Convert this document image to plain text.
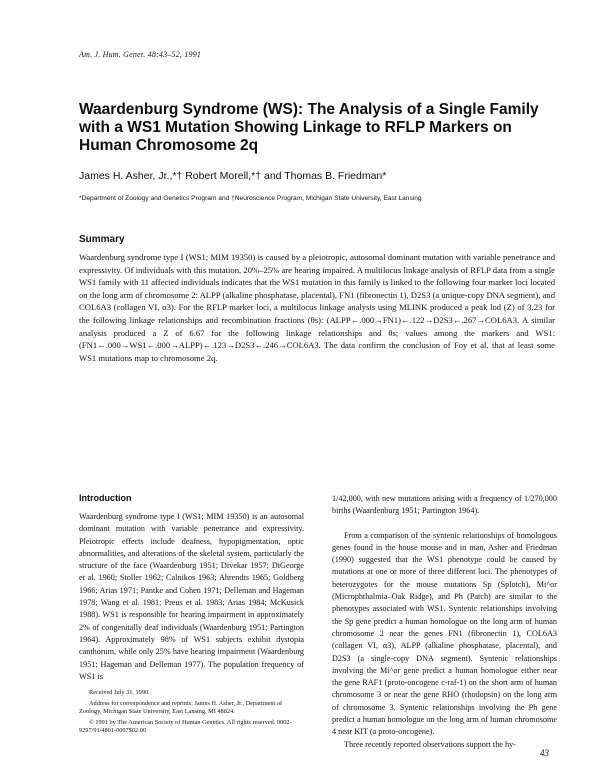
Am. J. Hum. Genet. 48:43–52, 1991
Waardenburg Syndrome (WS): The Analysis of a Single Family with a WS1 Mutation Showing Linkage to RFLP Markers on Human Chromosome 2q
James H. Asher, Jr.,*† Robert Morell,*† and Thomas B. Friedman*
*Department of Zoology and Genetics Program and †Neuroscience Program, Michigan State University, East Lansing
Summary

Waardenburg syndrome type I (WS1; MIM 19350) is caused by a pleiotropic, autosomal dominant mutation with variable penetrance and expressivity. Of individuals with this mutation, 20%–25% are hearing impaired. A multilocus linkage analysis of RFLP data from a single WS1 family with 11 affected individuals indicates that the WS1 mutation in this family is linked to the following four marker loci located on the long arm of chromosome 2: ALPP (alkaline phosphatase, placental), FN1 (fibronectin 1), D2S3 (a unique-copy DNA segment), and COL6A3 (collagen VI, α3). For the RFLP marker loci, a multilocus linkage analysis using MLINK produced a peak lod (Z) of 3.23 for the following linkage relationships and recombination fractions (θs): (ALPP←.000→FN1)←.122→D2S3←.267→COL6A3. A similar analysis produced a Z of 6.67 for the following linkage relationships and θs; values among the markers and WS1: (FN1←.000→WS1←.000→ALPP)←.123→D2S3←.246→COL6A3. The data confirm the conclusion of Foy et al. that at least some WS1 mutations map to chromosome 2q.

Introduction

Waardenburg syndrome type I (WS1; MIM 19350) is an autosomal dominant mutation with variable penetrance and expressivity. Pleiotropic effects include deafness, hypopigmentation, optic abnormalities, and alterations of the skeletal system, particularly the structure of the face (Waardenburg 1951; Divekar 1957; DiGeorge et al. 1960; Stoller 1962; Calnikos 1963; Ahrendts 1965; Goldberg 1966; Arias 1971; Pantke and Cohen 1971; Delleman and Hageman 1978; Wang et al. 1981; Preus et al. 1983; Arias 1984; McKusick 1988). WS1 is responsible for hearing impairment in approximately 2% of congenitally deaf individuals (Waardenburg 1951; Partington 1964). Approximately 98% of WS1 subjects exhibit dystopia canthorum, while only 25% have hearing impairment (Waardenburg 1951; Hageman and Delleman 1977). The population frequency of WS1 is

1/42,000, with new mutations arising with a frequency of 1/270,000 births (Waardenburg 1951; Partington 1964).

From a comparison of the syntenic relationships of homologous genes found in the house mouse and in man, Asher and Friedman (1990) suggested that the WS1 phenotype could be caused by mutations at one or more of three different loci. The phenotypes of heterozygotes for the mouse mutations Sp (Splotch), Mi^or (Microphthalmia–Oak Ridge), and Ph (Patch) are similar to the phenotypes associated with WS1. Syntenic relationships involving the Sp gene predict a human homologue on the long arm of human chromosome 2 near the genes FN1 (fibronectin 1), COL6A3 (collagen VI, α3), ALPP (alkaline phosphatase, placental), and D2S3 (a single-copy DNA segment). Syntenic relationships involving the Mi^or gene predict a human homologue either near the gene RAF1 (proto-oncogene c-raf-1) on the short arm of human chromosome 3 or near the gene RHO (rhodopsin) on the long arm of chromosome 3. Syntenic relationships involving the Ph gene predict a human homologue on the long arm of human chromosome 4 near KIT (a proto-oncogene).

Three recently reported observations support the hy-

Received July 31, 1990.

Address for correspondence and reprints: James H. Asher, Jr., Department of Zoology, Michigan State University, East Lansing, MI 48824.

© 1991 by The American Society of Human Genetics. All rights reserved. 0002-9297/91/4801-0007$02.00

43
